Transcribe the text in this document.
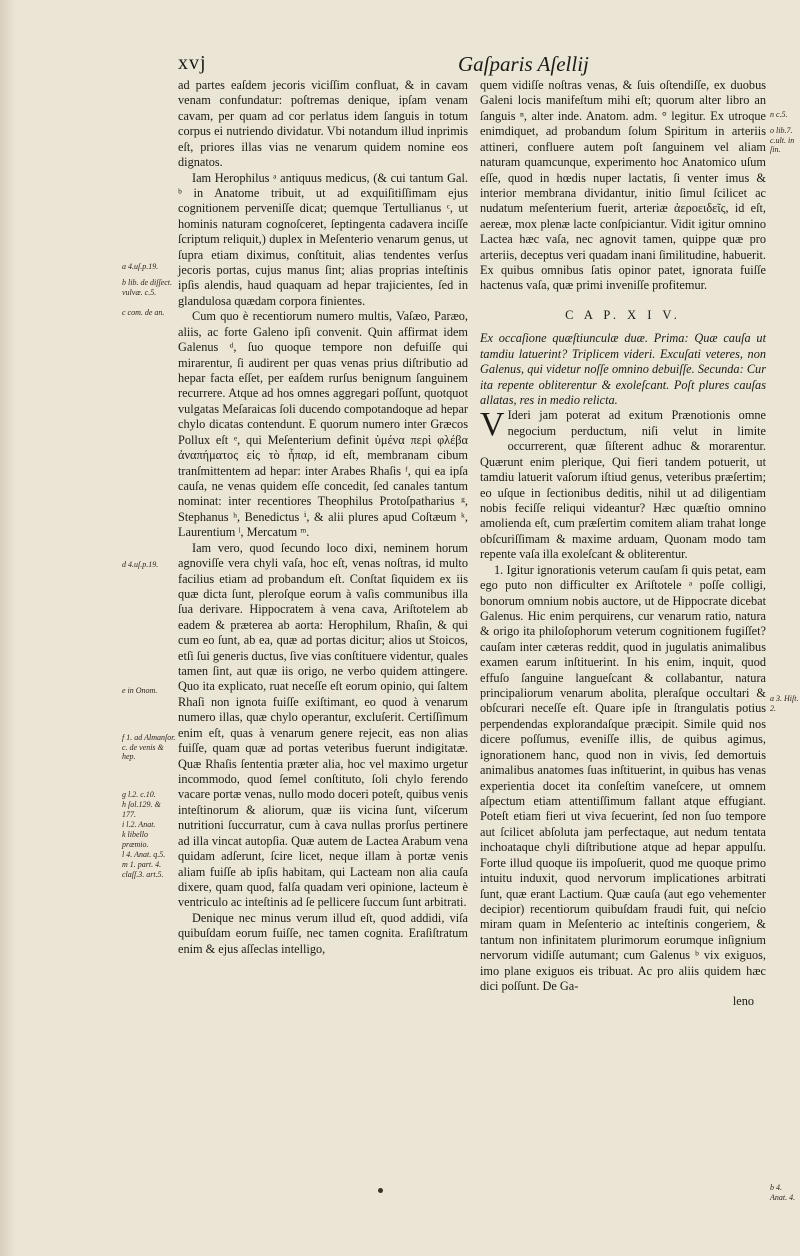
xvj	Gaſparis Aſellij
a 4.uſ.p.19.
b lib. de diſſect. vulvæ. c.5.
c com. de an.
d 4.uſ.p.19.
e in Onom.
f 1. ad Almanſor. c. de venis & hep.
g l.2. c.10.
h ſol.129. & 177.
i l.2. Anat.
k libello præmio.
l 4. Anat. q.5.
m 1. part. 4. claſſ.3. art.5.
n c.5.
o lib.7. c.ult. in ſin.
a 3. Hiſt. 2.
b 4. Anat. 4.

ad partes eaſdem jecoris viciſſim confluat, & in cavam venam confundatur: poſtremas denique, ipſam venam cavam, per quam ad cor perlatus idem ſanguis in totum corpus ei nutriendo dividatur. Vbi notandum illud inprimis eſt, priores illas vias ne venarum quidem nomine eos dignatos.

Iam Herophilus ᵃ antiquus medicus, (& cui tantum Gal. ᵇ in Anatome tribuit, ut ad exquiſitiſſimam ejus cognitionem perveniſſe dicat; quemque Tertullianus ᶜ, ut hominis naturam cognoſceret, ſeptingenta cadavera inciſſe ſcriptum reliquit,) duplex in Meſenterio venarum genus, ut ſupra etiam diximus, conſtituit, alias tendentes verſus jecoris portas, cujus manus ſint; alias proprias inteſtinis ipſis alendis, haud quaquam ad hepar trajicientes, ſed in glandulosa quædam corpora finientes.

Cum quo è recentiorum numero multis, Vaſæo, Paræo, aliis, ac forte Galeno ipſi convenit. Quin affirmat idem Galenus ᵈ, ſuo quoque tempore non defuiſſe qui mirarentur, ſi audirent per quas venas prius diſtributio ad hepar facta eſſet, per eaſdem rurſus benignum ſanguinem recurrere. Atque ad hos omnes aggregari poſſunt, quotquot vulgatas Meſaraicas ſoli ducendo compotandoque ad hepar chylo dicatas contendunt. E quorum numero inter Græcos Pollux eſt ᵉ, qui Meſenterium definit ὑμένα περὶ φλέβα ἀναπήματος εἰς τὸ ἧπαρ, id eſt, membranam cibum tranſmittentem ad hepar: inter Arabes Rhaſis ᶠ, qui ea ipſa cauſa, ne venas quidem eſſe concedit, ſed canales tantum nominat: inter recentiores Theophilus Protoſpatharius ᵍ, Stephanus ʰ, Benedictus ⁱ, & alii plures apud Coſtæum ᵏ, Laurentium ˡ, Mercatum ᵐ.

Iam vero, quod ſecundo loco dixi, neminem horum agnoviſſe vera chyli vaſa, hoc eſt, venas noſtras, id multo facilius etiam ad probandum eſt. Conſtat ſiquidem ex iis quæ dicta ſunt, pleroſque eorum à vaſis communibus illa ſua derivare. Hippocratem à vena cava, Ariſtotelem ab eadem & præterea ab aorta: Herophilum, Rhaſin, & qui cum eo ſunt, ab ea, quæ ad portas dicitur; alios ut Stoicos, etſi ſui generis ductus, ſive vias conſtituere videntur, quales tamen ſint, aut quæ iis origo, ne verbo quidem attingere. Quo ita explicato, ruat neceſſe eſt eorum opinio, qui ſaltem Rhaſi non ignota fuiſſe exiſtimant, eo quod à venarum numero illas, quæ chylo operantur, excluſerit. Certiſſimum enim eſt, quas à venarum genere rejecit, eas non alias fuiſſe, quam quæ ad portas veteribus fuerunt indigitatæ. Quæ Rhaſis ſententia præter alia, hoc vel maximo urgetur incommodo, quod ſemel conſtituto, ſoli chylo ferendo vacare portæ venas, nullo modo doceri poteſt, quibus venis inteſtinorum & aliorum, quæ iis vicina ſunt, viſcerum nutritioni ſuccurratur, cum à cava nullas prorſus pertinere ad illa vincat autopſia. Quæ autem de Lactea Arabum vena quidam adſerunt, ſcire licet, neque illam à portæ venis aliam fuiſſe ab ipſis habitam, qui Lacteam non alia cauſa dixere, quam quod, falſa quadam veri opinione, lacteum è ventriculo ac inteſtinis ad ſe pellicere ſuccum ſunt arbitrati.

Denique nec minus verum illud eſt, quod addidi, viſa quibuſdam eorum fuiſſe, nec tamen cognita. Eraſiſtratum enim & ejus aſſeclas intelligo,

quem vidiſſe noſtras venas, & ſuis oſtendiſſe, ex duobus Galeni locis manifeſtum mihi eſt; quorum alter libro an ſanguis ⁿ, alter inde. Anatom. adm. ° legitur. Ex utroque enimdiquet, ad probandum ſolum Spiritum in arteriis attineri, confluere autem poſt ſanguinem vel aliam naturam quamcunque, experimento hoc Anatomico uſum eſſe, quod in hœdis nuper lactatis, ſi venter imus & interior membrana dividantur, initio ſimul ſcilicet ac nudatum meſenterium fuerit, arteriæ ἀεροειδεῖς, id eſt, aereæ, mox plenæ lacte conſpiciantur. Vidit igitur omnino Lactea hæc vaſa, nec agnovit tamen, quippe quæ pro arteriis, deceptus veri quadam inani ſimilitudine, habuerit. Ex quibus omnibus ſatis opinor patet, ignorata fuiſſe hactenus vaſa, quæ primi inveniſſe profitemur.

C A P. X I V.

Ex occaſione quæſtiunculæ duæ. Prima: Quæ cauſa ut tamdiu latuerint? Triplicem videri. Excuſati veteres, non Galenus, qui videtur noſſe omnino debuiſſe. Secunda: Cur ita repente obliterentur & exoleſcant. Poſt plures cauſas allatas, res in medio relicta.

V Ideri jam poterat ad exitum Prænotionis omne negocium perductum, niſi velut in limite occurrerent, quæ ſiſterent adhuc & morarentur. Quærunt enim plerique, Qui fieri tandem potuerit, ut tamdiu latuerit vaſorum iſtiud genus, veteribus præſertim; eo uſque in ſectionibus deditis, nihil ut ad diligentiam nobis feciſſe reliqui videantur? Hæc quæſtio omnino amolienda eſt, cum præſertim comitem aliam trahat longe obſcuriſſimam & maxime arduam, Quonam modo tam repente vaſa illa exoleſcant & obliterentur.

1. Igitur ignorationis veterum cauſam ſi quis petat, eam ego puto non difficulter ex Ariſtotele ᵃ poſſe colligi, bonorum omnium nobis auctore, ut de Hippocrate dicebat Galenus. Hic enim perquirens, cur venarum ratio, natura & origo ita philoſophorum veterum cognitionem fugiſſet? cauſam inter cæteras reddit, quod in jugulatis animalibus examen earum inſtituerint. In his enim, inquit, quod effuſo ſanguine langueſcant & collabantur, natura principaliorum venarum abolita, pleraſque occultari & obſcurari neceſſe eſt. Quare ipſe in ſtrangulatis potius perpendendas explorandaſque præcipit. Simile quid nos dicere poſſumus, eveniſſe illis, de quibus agimus, ignorationem hanc, quod non in vivis, ſed demortuis animalibus anatomes ſuas inſtituerint, in quibus has venas experientia docet ita conſeſtim vaneſcere, ut omnem aſpectum etiam attentiſſimum fallant atque effugiant. Poteſt etiam fieri ut viva ſecuerint, ſed non ſuo tempore aut ſcilicet abſoluta jam perfectaque, aut nedum tentata inchoataque chyli diſtributione atque ad hepar appulſu. Forte illud quoque iis impoſuerit, quod me quoque primo intuitu induxit, quod nervorum implicationes arbitrati ſunt, quæ erant Lactium. Quæ cauſa (aut ego vehementer decipior) recentiorum quibuſdam fraudi fuit, qui neſcio miram quam in Meſenterio ac inteſtinis congeriem, & tantum non infinitatem plurimorum eorumque inſignium nervorum vidiſſe autumant; cum Galenus ᵇ vix exiguos, imo plane exiguos eis tribuat. Ac pro aliis quidem hæc dici poſſunt. De Ga-

leno
